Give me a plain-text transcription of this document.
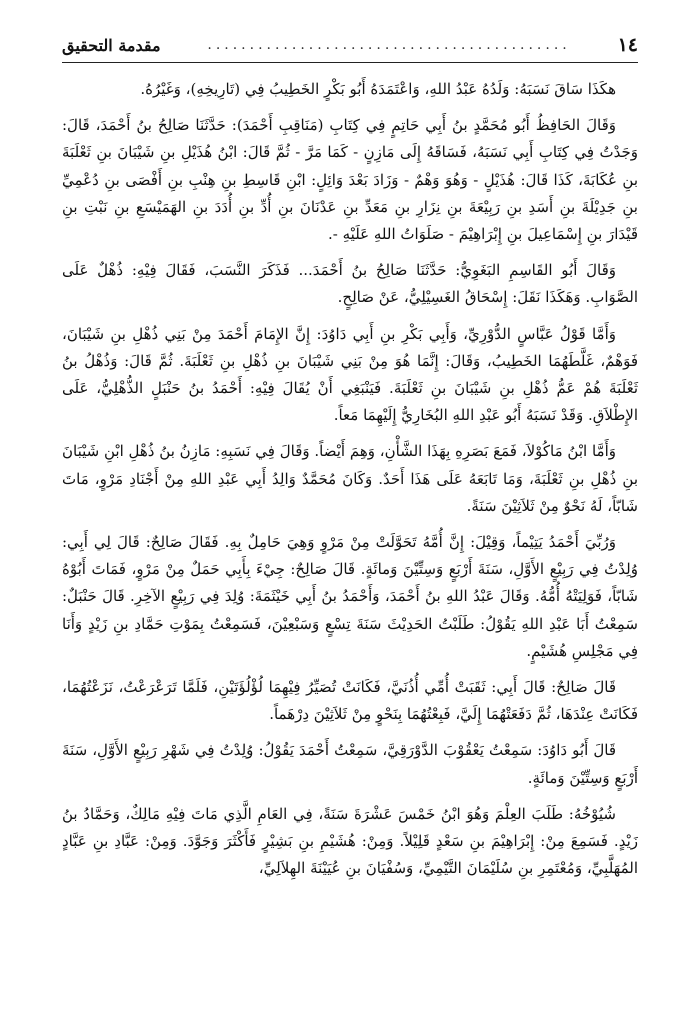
١٤
...........................................
مقدمة التحقيق

هكَذَا سَاقَ نَسَبَهُ: وَلَدُهُ عَبْدُ اللهِ، وَاعْتَمَدَهُ أَبُو بَكْرٍ الخَطِيبُ فِي (تَارِيخِهِ)، وَغَيْرُهُ.

وَقَالَ الحَافِظُ أَبُو مُحَمَّدٍ بنُ أَبِي حَاتِمٍ فِي كِتَابِ (مَنَاقِبِ أَحْمَدَ): حَدَّثَنَا صَالِحُ بنُ أَحْمَدَ، قَالَ: وَجَدْتُ فِي كِتَابِ أَبِي نَسَبَهُ، فَسَاقَهُ إِلَى مَازِنٍ - كَمَا مَرَّ - ثُمَّ قَالَ: ابْنُ هُذَيْلِ بنِ شَيْبَانَ بنِ ثَعْلَبَةَ بنِ عُكَابَةَ، كَذَا قَالَ: هُذَيْلٍ - وَهُوَ وَهْمٌ - وَزَادَ بَعْدَ وَائِلٍ: ابْنِ قَاسِطِ بنِ هِنْبِ بنِ أَفْصَى بنِ دُعْمِيِّ بنِ جَدِيْلَةَ بنِ أَسَدِ بنِ رَبِيْعَةَ بنِ نِزَارِ بنِ مَعَدِّ بنِ عَدْنَانَ بنِ أُدِّ بنِ أُدَدَ بنِ الهَمَيْسَعِ بنِ نَبْتِ بنِ قَيْدَارَ بنِ إِسْمَاعِيلَ بنِ إِبْرَاهِيْمَ - صَلَوَاتُ اللهِ عَلَيْهِ -.

وَقَالَ أَبُو القَاسِمِ البَغَوِيُّ: حَدَّثَنَا صَالِحُ بنُ أَحْمَدَ... فَذَكَرَ النَّسَبَ، فَقَالَ فِيْهِ: ذُهْلٌ عَلَى الصَّوَابِ. وَهَكَذَا نَقَلَ: إِسْحَاقُ الغَسِيْلِيُّ، عَنْ صَالِحٍ.

وَأَمَّا قَوْلُ عَبَّاسٍ الدُّوْرِيِّ، وَأَبِي بَكْرِ بنِ أَبِي دَاوُدَ: إِنَّ الإِمَامَ أَحْمَدَ مِنْ بَنِي ذُهْلِ بنِ شَيْبَانَ، فَوَهْمٌ، غَلَّطَهُمَا الخَطِيبُ، وَقَالَ: إِنَّمَا هُوَ مِنْ بَنِي شَيْبَانَ بنِ ذُهْلِ بنِ ثَعْلَبَةَ. ثُمَّ قَالَ: وَذُهْلُ بنُ ثَعْلَبَةَ هُمْ عَمُّ ذُهْلِ بنِ شَيْبَانَ بنِ ثَعْلَبَةَ. فَيَنْبَغِي أَنْ يُقَالَ فِيْهِ: أَحْمَدُ بنُ حَنْبَلٍ الذُّهْلِيُّ، عَلَى الإِطْلاَقِ. وَقَدْ نَسَبَهُ أَبُو عَبْدِ اللهِ البُخَارِيُّ إِلَيْهِمَا مَعاً.

وَأَمَّا ابْنُ مَاكُوْلاَ، فَمَعَ بَصَرِهِ بِهَذَا الشَّأْنِ، وَهِمَ أَيْضاً. وَقَالَ فِي نَسَبِهِ: مَازِنُ بنُ ذُهْلِ ابْنِ شَيْبَانَ بنِ ذُهْلِ بنِ ثَعْلَبَةَ، وَمَا تَابَعَهُ عَلَى هَذَا أَحَدٌ. وَكَانَ مُحَمَّدٌ وَالِدُ أَبِي عَبْدِ اللهِ مِنْ أَجْنَادِ مَرْوٍ، مَاتَ شَابّاً، لَهُ نَحْوٌ مِنْ ثَلاَثِيْنَ سَنَةً.

وَرُبِّيَ أَحْمَدُ يَتِيْماً، وَقِيْلَ: إِنَّ أُمَّهُ تَحَوَّلَتْ مِنْ مَرْوٍ وَهِيَ حَامِلٌ بِهِ. فَقَالَ صَالِحٌ: قَالَ لِي أَبِي: وُلِدْتُ فِي رَبِيْعٍ الأَوَّلِ، سَنَةَ أَرْبَعٍ وَسِتِّيْنَ وَمائَةٍ. قَالَ صَالِحٌ: جِيْءَ بِأَبِي حَمَلٌ مِنْ مَرْوٍ، فَمَاتَ أَبُوْهُ شَابّاً، فَوَلِيَتْهُ أُمُّهُ. وَقَالَ عَبْدُ اللهِ بنُ أَحْمَدَ، وَأَحْمَدُ بنُ أَبِي خَيْثَمَةَ: وُلِدَ فِي رَبِيْعٍ الآخِرِ. قَالَ حَنْبَلٌ: سَمِعْتُ أَبَا عَبْدِ اللهِ يَقُوْلُ: طَلَبْتُ الحَدِيْثَ سَنَةَ تِسْعٍ وَسَبْعِيْنَ، فَسَمِعْتُ بِمَوْتِ حَمَّادِ بنِ زَيْدٍ وَأَنَا فِي مَجْلِسِ هُشَيْمٍ.

قَالَ صَالِحٌ: قَالَ أَبِي: ثَقَبَتْ أُمِّي أُذُنَيَّ، فَكَانَتْ تُصَيِّرُ فِيْهِمَا لُؤْلُؤَتَيْنِ، فَلَمَّا تَرَعْرَعْتُ، نَزَعْتُهُمَا، فَكَانَتْ عِنْدَهَا، ثُمَّ دَفَعَتْهُمَا إِلَيَّ، فَبِعْتُهُمَا بِنَحْوٍ مِنْ ثَلاَثِيْنَ دِرْهَماً.

قَالَ أَبُو دَاوُدَ: سَمِعْتُ يَعْقُوْبَ الدَّوْرَقِيَّ، سَمِعْتُ أَحْمَدَ يَقُوْلُ: وُلِدْتُ فِي شَهْرِ رَبِيْعٍ الأَوَّلِ، سَنَةَ أَرْبَعٍ وَسِتِّيْنَ وَمائَةٍ.

شُيُوْخُهُ: طَلَبَ العِلْمَ وَهُوَ ابْنُ خَمْسَ عَشْرَةَ سَنَةً، فِي العَامِ الَّذِي مَاتَ فِيْهِ مَالِكٌ، وَحَمَّادُ بنُ زَيْدٍ. فَسَمِعَ مِنْ: إِبْرَاهِيْمَ بنِ سَعْدٍ قَلِيْلاً. وَمِنْ: هُشَيْمِ بنِ بَشِيْرٍ فَأَكْثَرَ وَجَوَّدَ. وَمِنْ: عَبَّادِ بنِ عَبَّادٍ المُهَلَّبِيِّ، وَمُعْتَمِرِ بنِ سُلَيْمَانَ التَّيْمِيِّ، وَسُفْيَانَ بنِ عُيَيْنَةَ الهِلاَلِيِّ،
